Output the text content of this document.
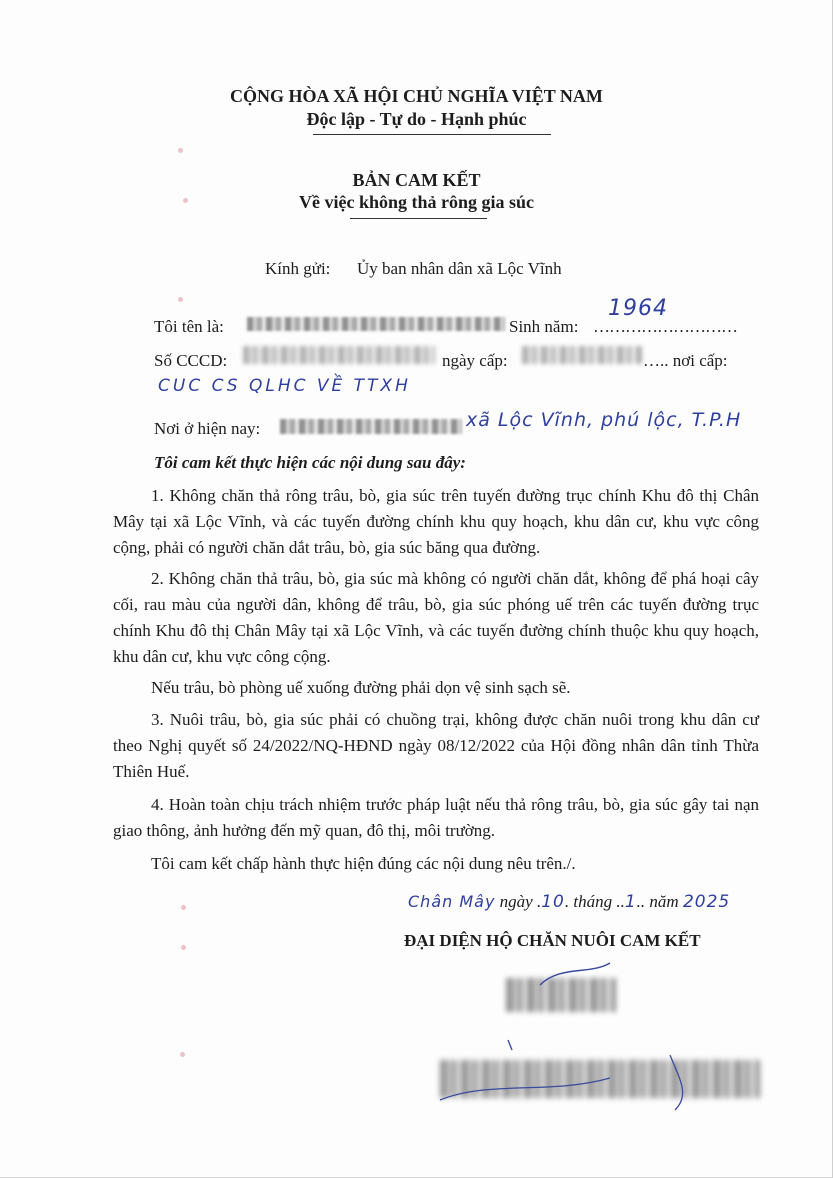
CỘNG HÒA XÃ HỘI CHỦ NGHĨA VIỆT NAM
Độc lập - Tự do - Hạnh phúc
BẢN CAM KẾT
Về việc không thả rông gia súc
Kính gửi: Ủy ban nhân dân xã Lộc Vĩnh
Tôi tên là:	Sinh năm: ………………………
1964
Số CCCD:	ngày cấp:	….. nơi cấp:
CUC CS QLHC VỀ TTXH
Nơi ở hiện nay:	xã Lộc Vĩnh, phú lộc, T.P.H
Tôi cam kết thực hiện các nội dung sau đây:
1. Không chăn thả rông trâu, bò, gia súc trên tuyến đường trục chính Khu đô thị Chân Mây tại xã Lộc Vĩnh, và các tuyến đường chính khu quy hoạch, khu dân cư, khu vực công cộng, phải có người chăn dắt trâu, bò, gia súc băng qua đường.
2. Không chăn thả trâu, bò, gia súc mà không có người chăn dắt, không để phá hoại cây cối, rau màu của người dân, không để trâu, bò, gia súc phóng uế trên các tuyến đường trục chính Khu đô thị Chân Mây tại xã Lộc Vĩnh, và các tuyến đường chính thuộc khu quy hoạch, khu dân cư, khu vực công cộng.
Nếu trâu, bò phòng uế xuống đường phải dọn vệ sinh sạch sẽ.
3. Nuôi trâu, bò, gia súc phải có chuồng trại, không được chăn nuôi trong khu dân cư theo Nghị quyết số 24/2022/NQ-HĐND ngày 08/12/2022 của Hội đồng nhân dân tỉnh Thừa Thiên Huế.
4. Hoàn toàn chịu trách nhiệm trước pháp luật nếu thả rông trâu, bò, gia súc gây tai nạn giao thông, ảnh hưởng đến mỹ quan, đô thị, môi trường.
Tôi cam kết chấp hành thực hiện đúng các nội dung nêu trên./.
Chân Mây ngày .10. tháng ..1.. năm 2025
ĐẠI DIỆN HỘ CHĂN NUÔI CAM KẾT
